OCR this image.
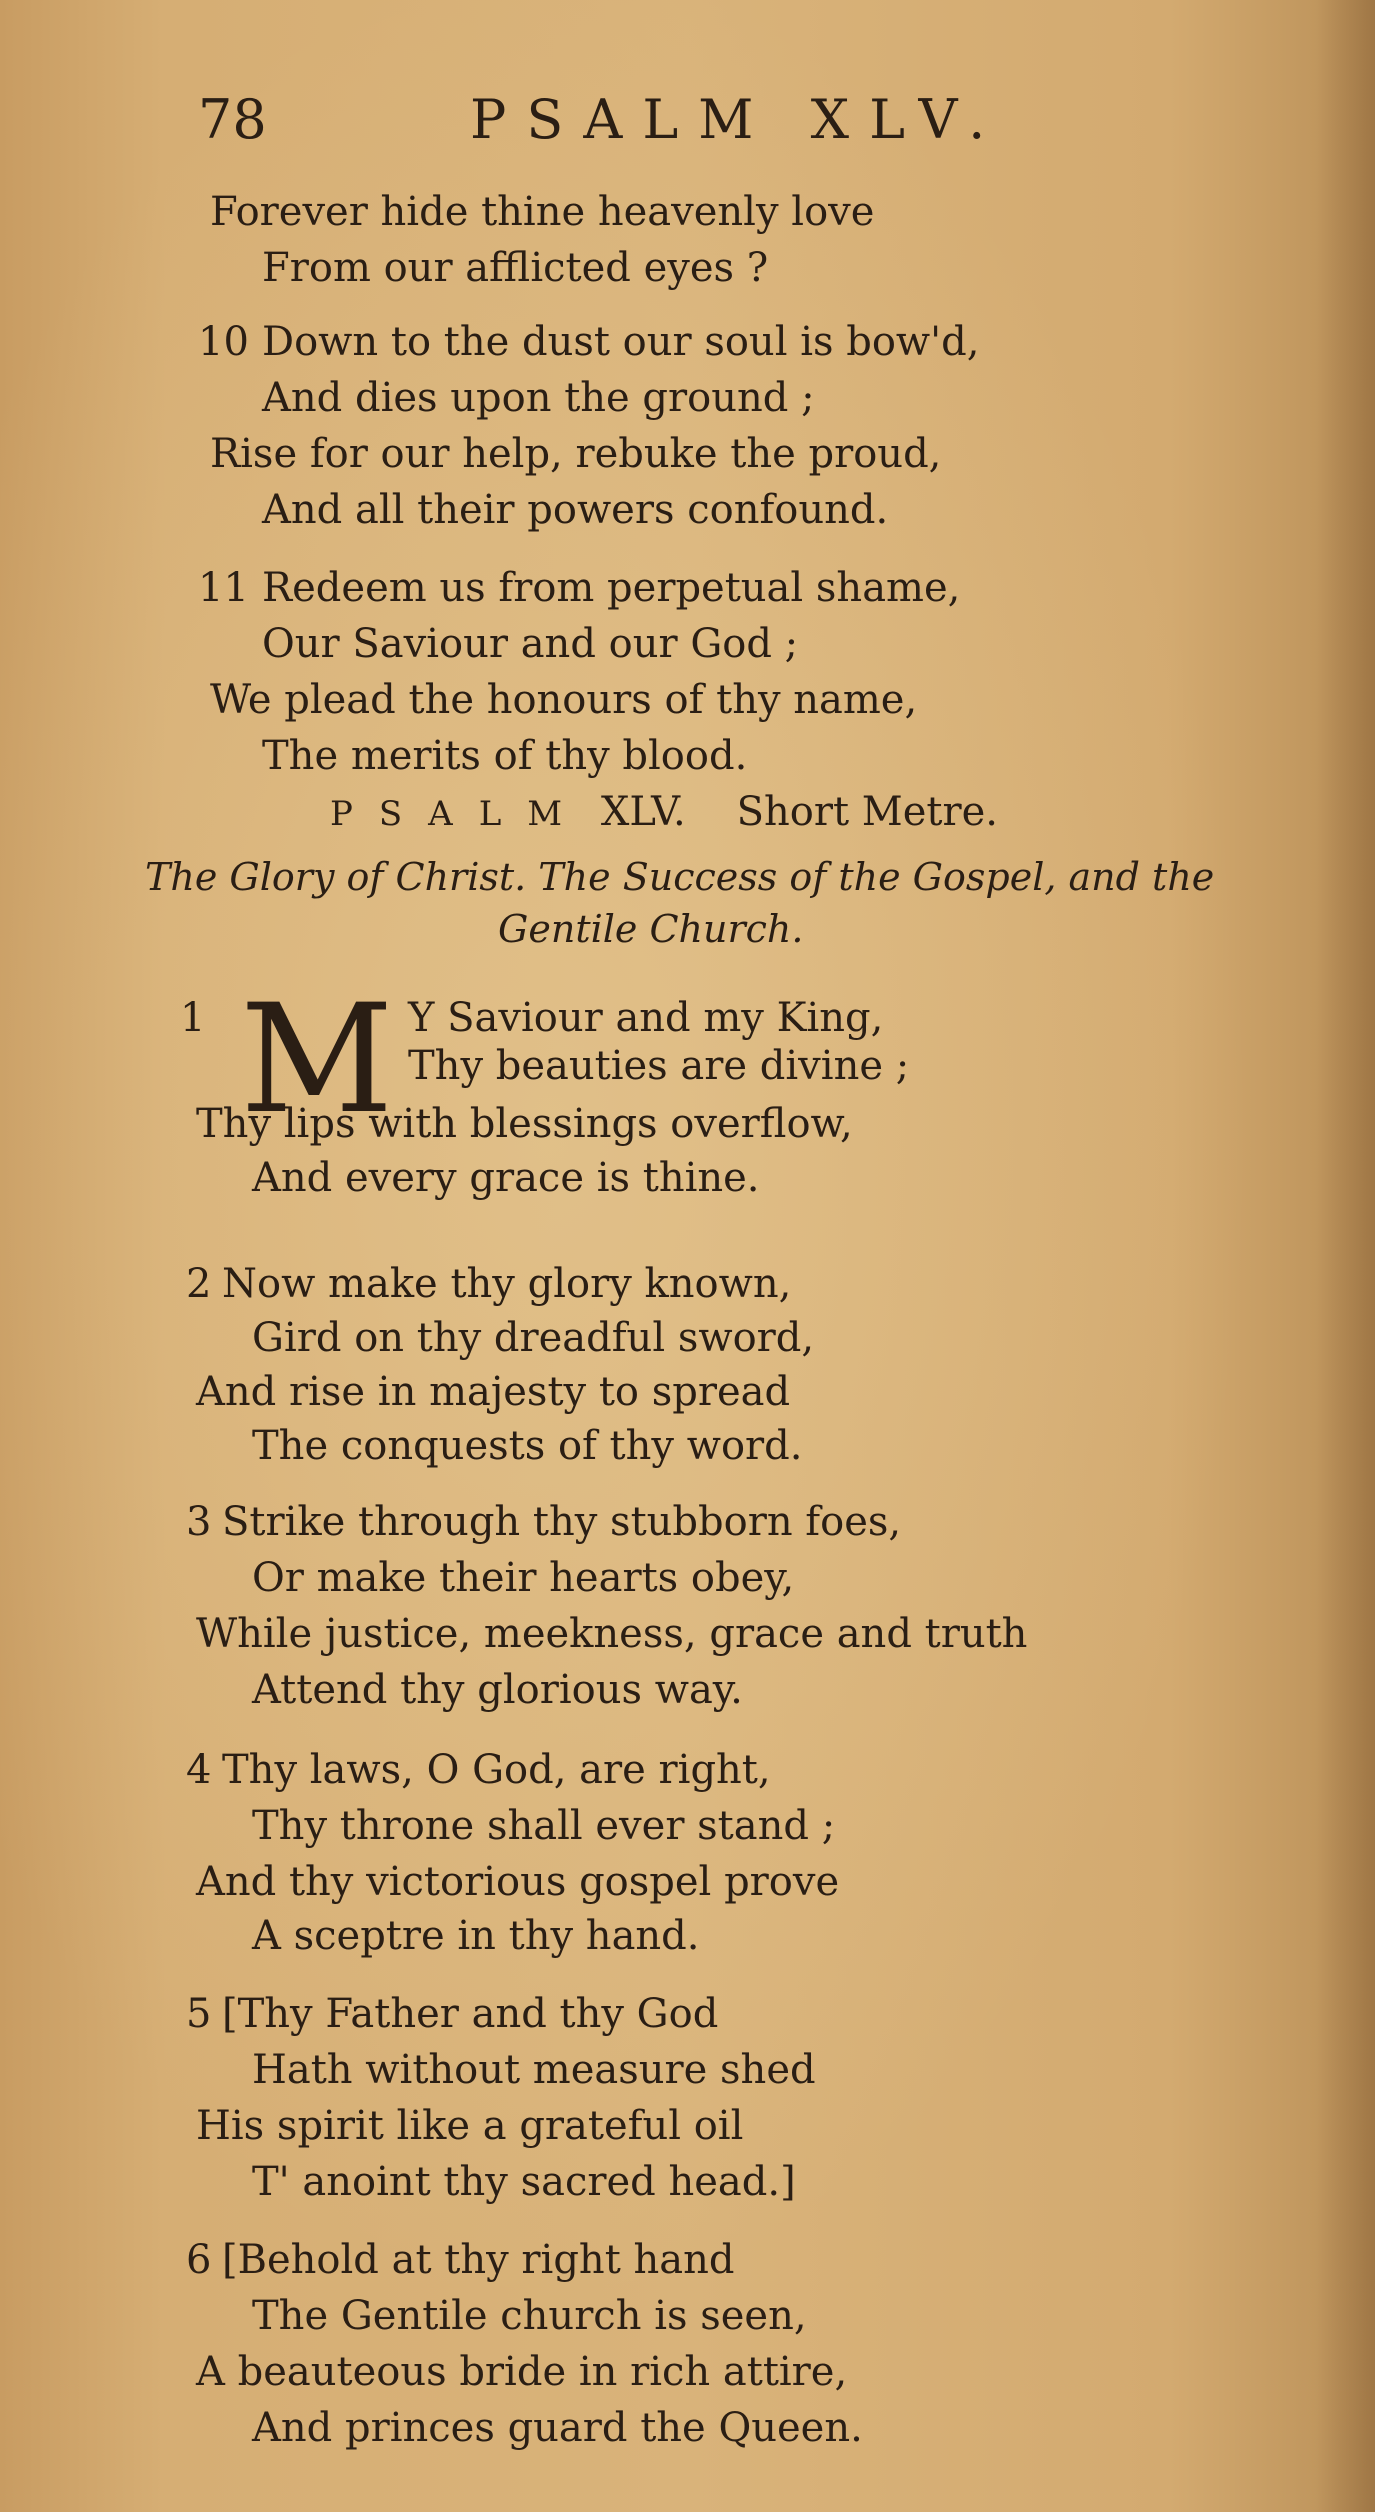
78	PSALM XLV.
Forever hide thine heavenly love
From our afflicted eyes ?
10 Down to the dust our soul is bow'd,
And dies upon the ground ;
Rise for our help, rebuke the proud,
And all their powers confound.
11 Redeem us from perpetual shame,
Our Saviour and our God ;
We plead the honours of thy name,
The merits of thy blood.
PSALM XLV. Short Metre.
The Glory of Christ. The Success of the Gospel, and the
Gentile Church.
1 M Y Saviour and my King,
Thy beauties are divine ;
Thy lips with blessings overflow,
And every grace is thine.
2 Now make thy glory known,
Gird on thy dreadful sword,
And rise in majesty to spread
The conquests of thy word.
3 Strike through thy stubborn foes,
Or make their hearts obey,
While justice, meekness, grace and truth
Attend thy glorious way.
4 Thy laws, O God, are right,
Thy throne shall ever stand ;
And thy victorious gospel prove
A sceptre in thy hand.
5 [Thy Father and thy God
Hath without measure shed
His spirit like a grateful oil
T' anoint thy sacred head.]
6 [Behold at thy right hand
The Gentile church is seen,
A beauteous bride in rich attire,
And princes guard the Queen.
